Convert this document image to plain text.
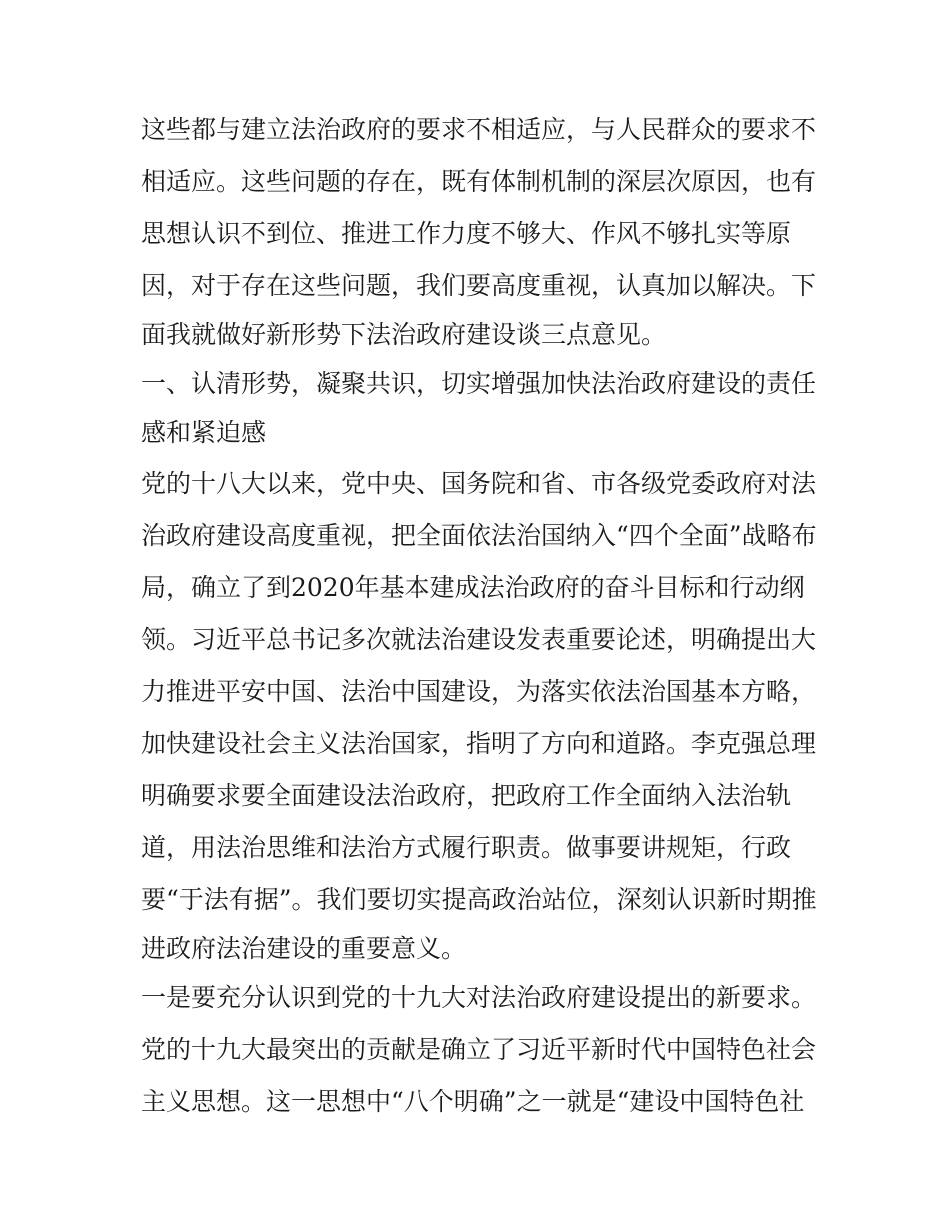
这些都与建立法治政府的要求不相适应，与人民群众的要求不
相适应。这些问题的存在，既有体制机制的深层次原因，也有
思想认识不到位、推进工作力度不够大、作风不够扎实等原
因，对于存在这些问题，我们要高度重视，认真加以解决。下
面我就做好新形势下法治政府建设谈三点意见。
一、认清形势，凝聚共识，切实增强加快法治政府建设的责任
感和紧迫感
党的十八大以来，党中央、国务院和省、市各级党委政府对法
治政府建设高度重视，把全面依法治国纳入“四个全面”战略布
局，确立了到2020年基本建成法治政府的奋斗目标和行动纲
领。习近平总书记多次就法治建设发表重要论述，明确提出大
力推进平安中国、法治中国建设，为落实依法治国基本方略，
加快建设社会主义法治国家，指明了方向和道路。李克强总理
明确要求要全面建设法治政府，把政府工作全面纳入法治轨
道，用法治思维和法治方式履行职责。做事要讲规矩，行政
要“于法有据”。我们要切实提高政治站位，深刻认识新时期推
进政府法治建设的重要意义。
一是要充分认识到党的十九大对法治政府建设提出的新要求。
党的十九大最突出的贡献是确立了习近平新时代中国特色社会
主义思想。这一思想中“八个明确”之一就是“建设中国特色社
